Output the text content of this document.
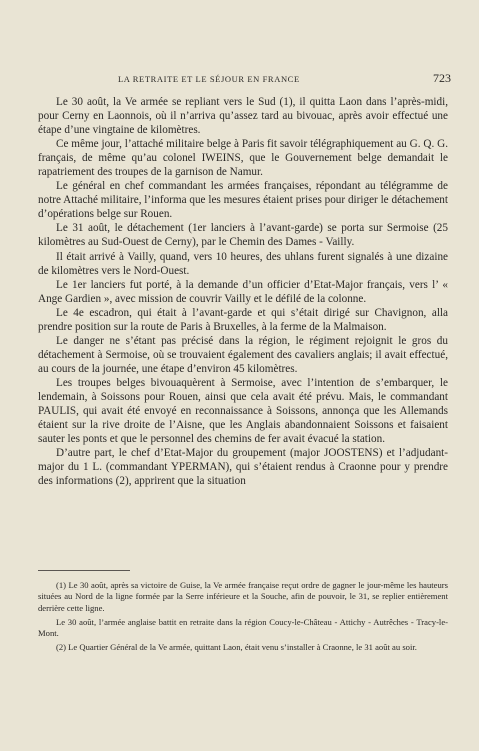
LA RETRAITE ET LE SÉJOUR EN FRANCE	723

Le 30 août, la Ve armée se repliant vers le Sud (1), il quitta Laon dans l’après-midi, pour Cerny en Laonnois, où il n’arriva qu’assez tard au bivouac, après avoir effectué une étape d’une vingtaine de kilomètres.

Ce même jour, l’attaché militaire belge à Paris fit savoir télégraphiquement au G. Q. G. français, de même qu’au colonel IWEINS, que le Gouvernement belge demandait le rapatriement des troupes de la garnison de Namur.

Le général en chef commandant les armées françaises, répondant au télégramme de notre Attaché militaire, l’informa que les mesures étaient prises pour diriger le détachement d’opérations belge sur Rouen.

Le 31 août, le détachement (1er lanciers à l’avant-garde) se porta sur Sermoise (25 kilomètres au Sud-Ouest de Cerny), par le Chemin des Dames - Vailly.

Il était arrivé à Vailly, quand, vers 10 heures, des uhlans furent signalés à une dizaine de kilomètres vers le Nord-Ouest.

Le 1er lanciers fut porté, à la demande d’un officier d’Etat-Major français, vers l’ « Ange Gardien », avec mission de couvrir Vailly et le défilé de la colonne.

Le 4e escadron, qui était à l’avant-garde et qui s’était dirigé sur Chavignon, alla prendre position sur la route de Paris à Bruxelles, à la ferme de la Malmaison.

Le danger ne s’étant pas précisé dans la région, le régiment rejoignit le gros du détachement à Sermoise, où se trouvaient également des cavaliers anglais; il avait effectué, au cours de la journée, une étape d’environ 45 kilomètres.

Les troupes belges bivouaquèrent à Sermoise, avec l’intention de s’embarquer, le lendemain, à Soissons pour Rouen, ainsi que cela avait été prévu. Mais, le commandant PAULIS, qui avait été envoyé en reconnaissance à Soissons, annonça que les Allemands étaient sur la rive droite de l’Aisne, que les Anglais abandonnaient Soissons et faisaient sauter les ponts et que le personnel des chemins de fer avait évacué la station.

D’autre part, le chef d’Etat-Major du groupement (major JOOSTENS) et l’adjudant-major du 1 L. (commandant YPERMAN), qui s’étaient rendus à Craonne pour y prendre des informations (2), apprirent que la situation

(1) Le 30 août, après sa victoire de Guise, la Ve armée française reçut ordre de gagner le jour-même les hauteurs situées au Nord de la ligne formée par la Serre inférieure et la Souche, afin de pouvoir, le 31, se replier entièrement derrière cette ligne.

Le 30 août, l’armée anglaise battit en retraite dans la région Coucy-le-Château - Attichy - Autrêches - Tracy-le-Mont.

(2) Le Quartier Général de la Ve armée, quittant Laon, était venu s’installer à Craonne, le 31 août au soir.
